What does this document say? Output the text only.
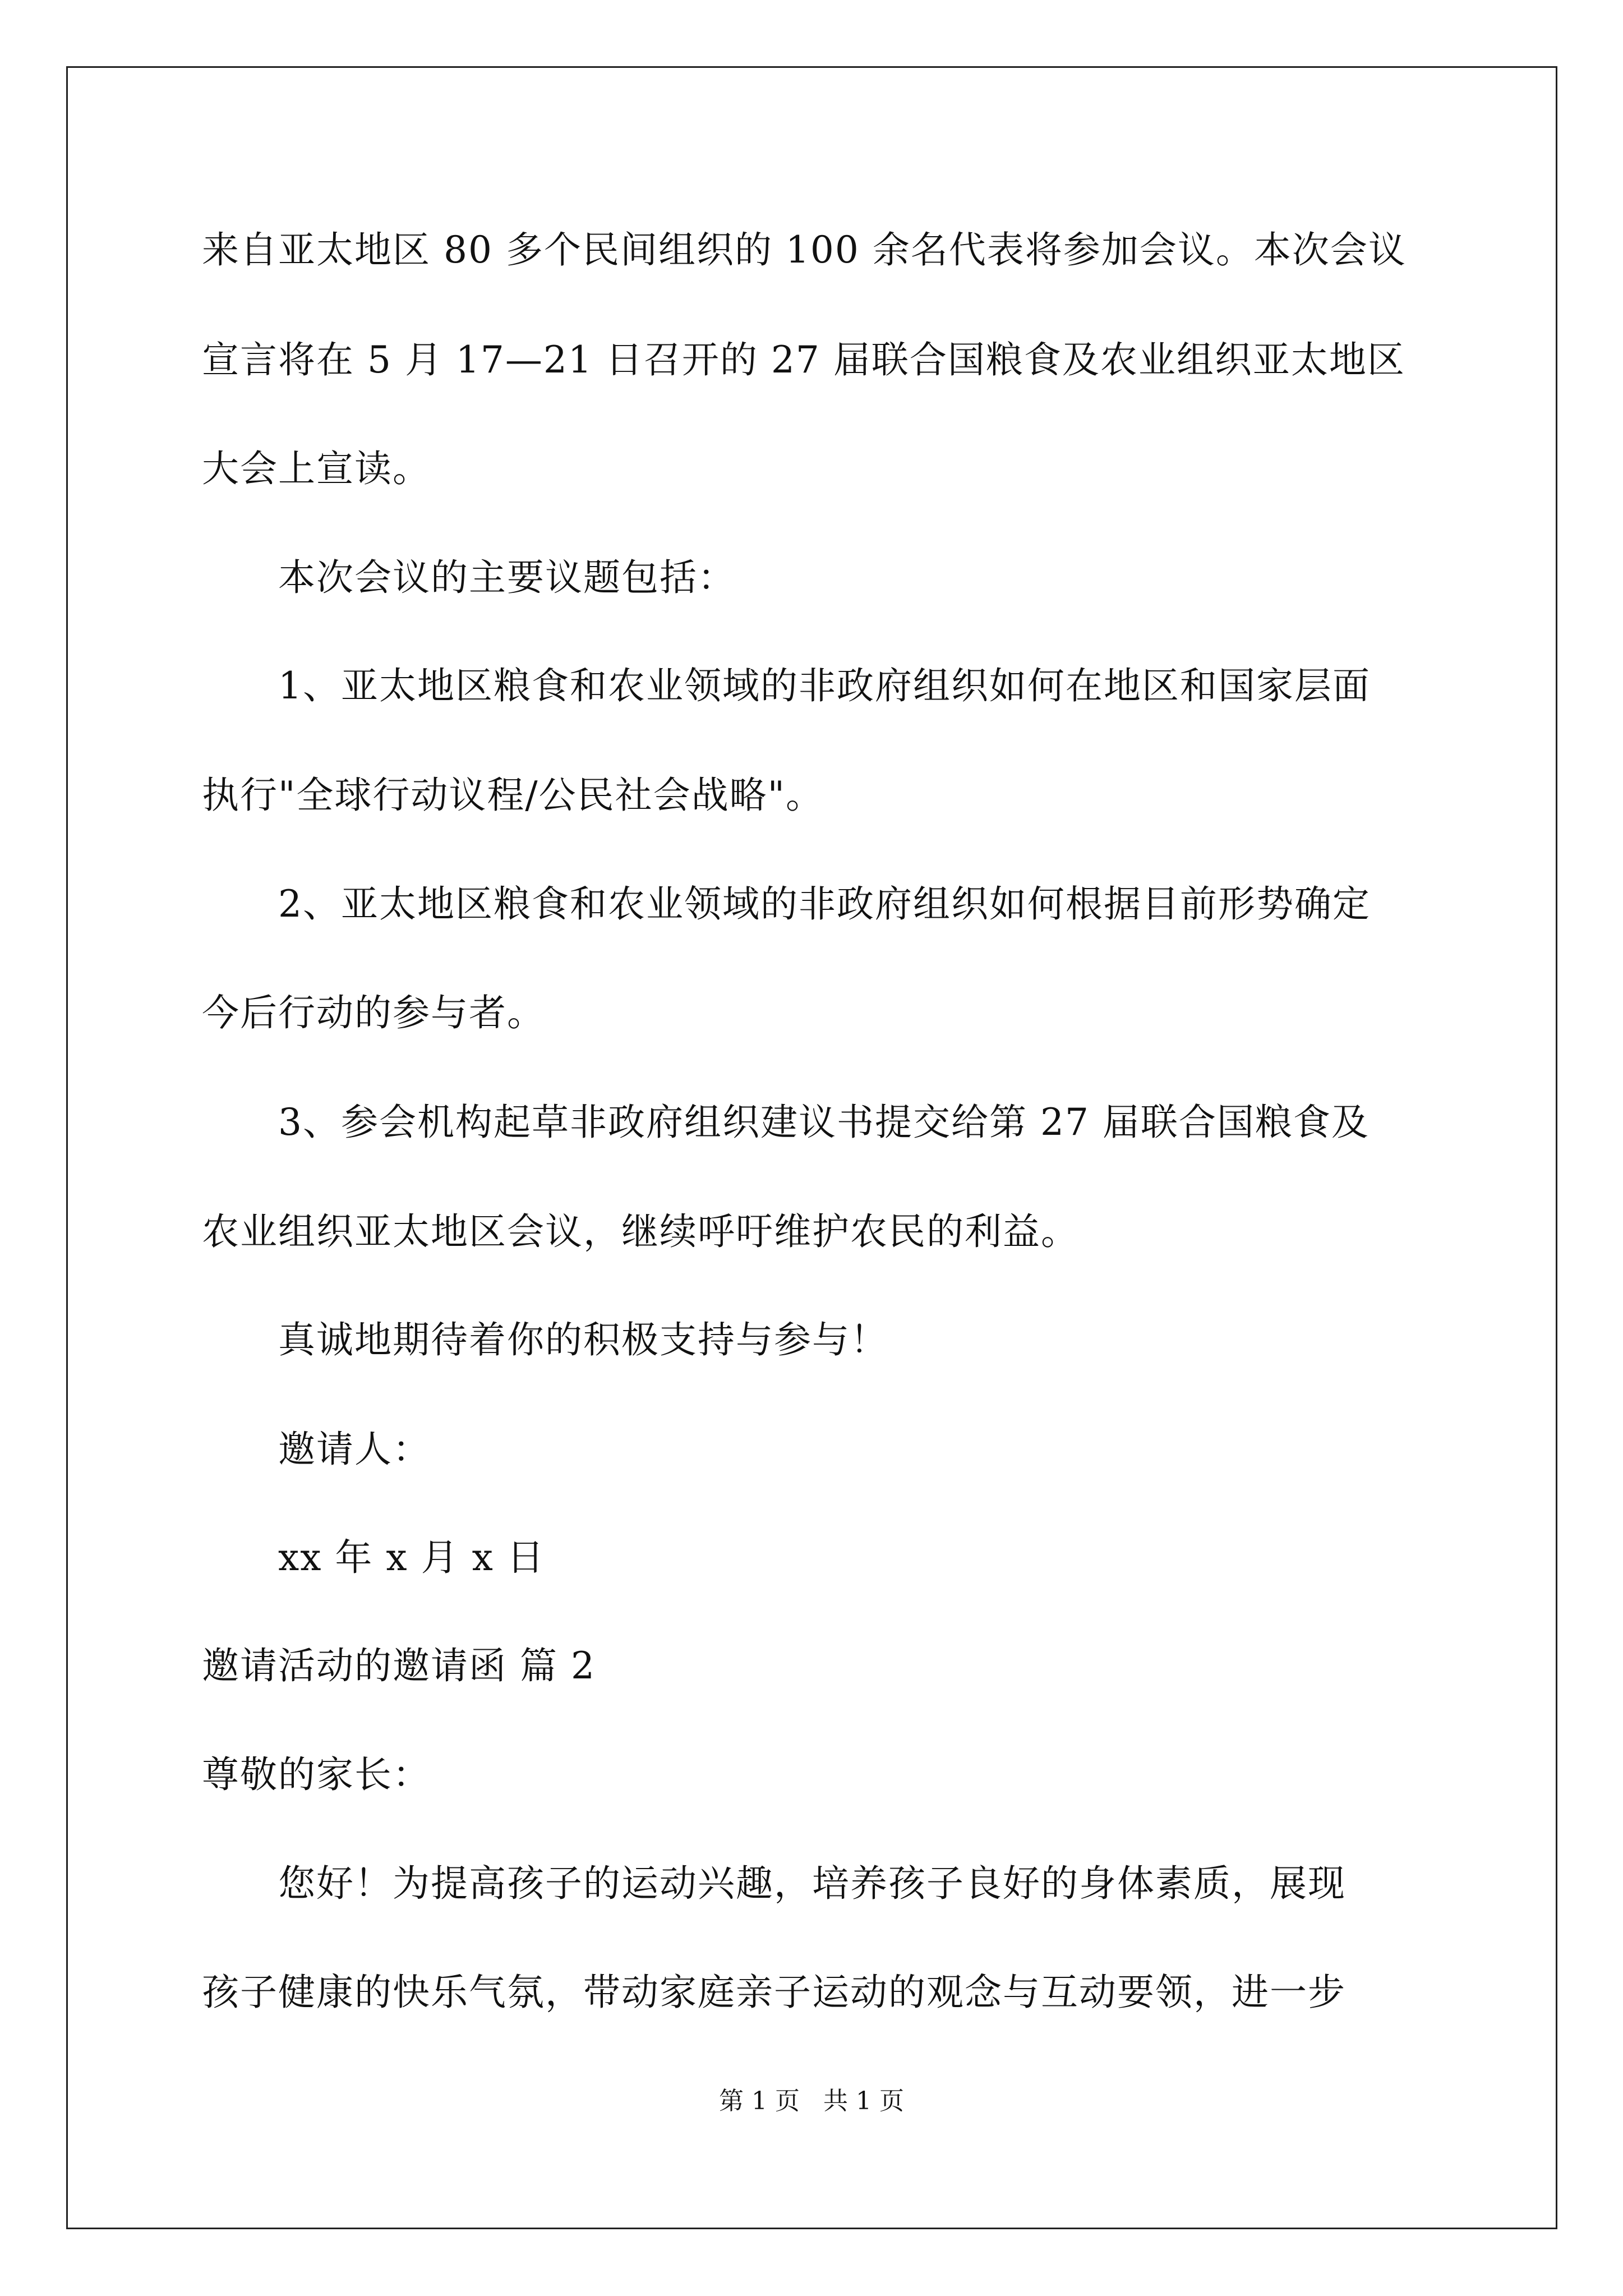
来自亚太地区 80 多个民间组织的 100 余名代表将参加会议。本次会议
宣言将在 5 月 17—21 日召开的 27 届联合国粮食及农业组织亚太地区
大会上宣读。
本次会议的主要议题包括：
1、亚太地区粮食和农业领域的非政府组织如何在地区和国家层面
执行"全球行动议程/公民社会战略"。
2、亚太地区粮食和农业领域的非政府组织如何根据目前形势确定
今后行动的参与者。
3、参会机构起草非政府组织建议书提交给第 27 届联合国粮食及
农业组织亚太地区会议，继续呼吁维护农民的利益。
真诚地期待着你的积极支持与参与！
邀请人：
xx 年 x 月 x 日
邀请活动的邀请函 篇 2
尊敬的家长：
您好！为提高孩子的运动兴趣，培养孩子良好的身体素质，展现
孩子健康的快乐气氛，带动家庭亲子运动的观念与互动要领，进一步
第 1 页   共 1 页
